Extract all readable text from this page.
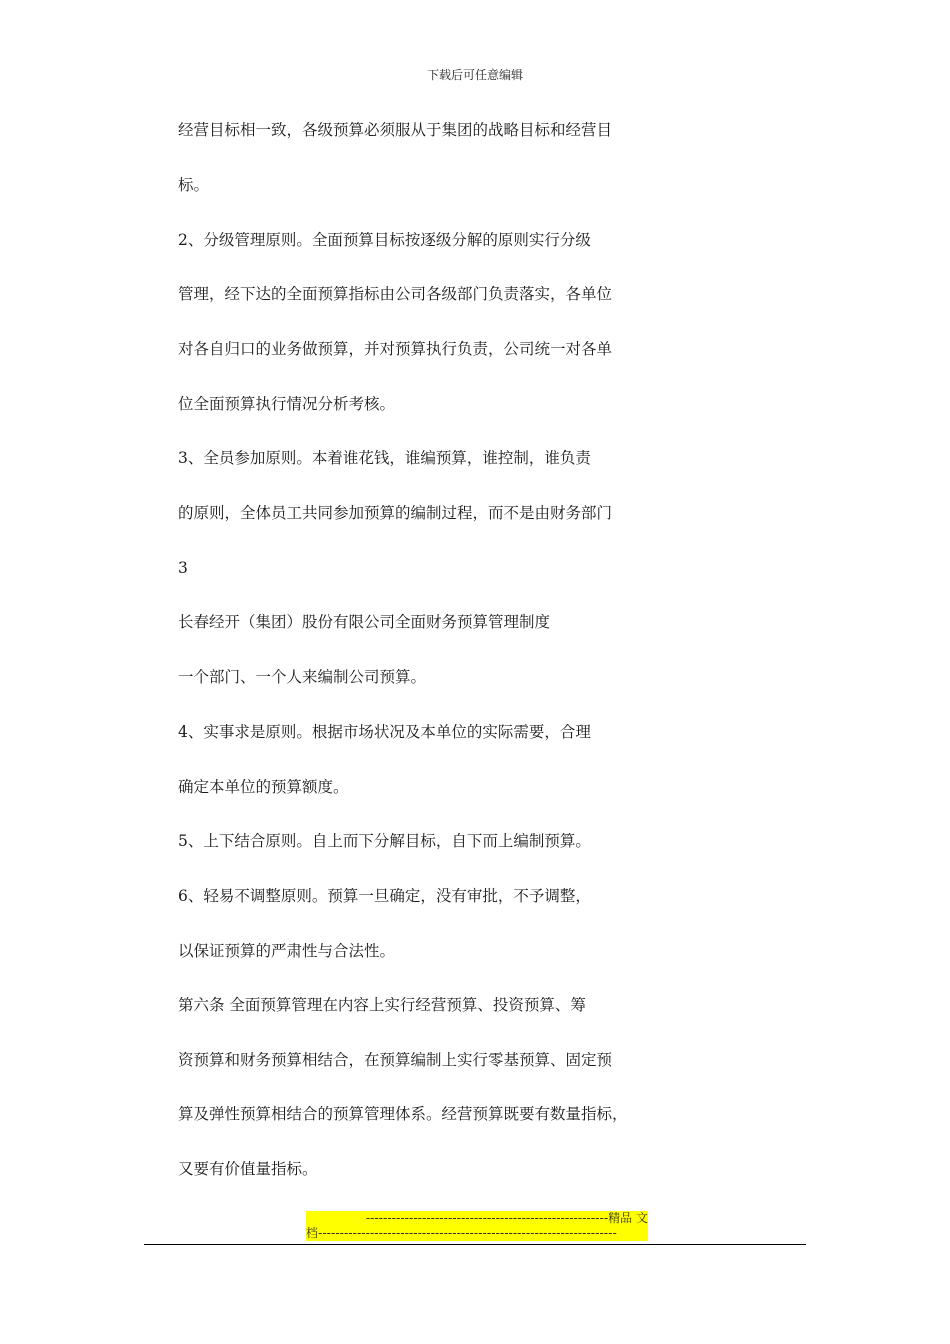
下载后可任意编辑
经营目标相一致，各级预算必须服从于集团的战略目标和经营目
标。
2、分级管理原则。全面预算目标按逐级分解的原则实行分级
管理，经下达的全面预算指标由公司各级部门负责落实，各单位
对各自归口的业务做预算，并对预算执行负责，公司统一对各单
位全面预算执行情况分析考核。
3、全员参加原则。本着谁花钱，谁编预算，谁控制，谁负责
的原则，全体员工共同参加预算的编制过程，而不是由财务部门
3
长春经开（集团）股份有限公司全面财务预算管理制度
一个部门、一个人来编制公司预算。
4、实事求是原则。根据市场状况及本单位的实际需要，合理
确定本单位的预算额度。
5、上下结合原则。自上而下分解目标，自下而上编制预算。
6、轻易不调整原则。预算一旦确定，没有审批，不予调整，
以保证预算的严肃性与合法性。
第六条 全面预算管理在内容上实行经营预算、投资预算、筹
资预算和财务预算相结合，在预算编制上实行零基预算、固定预
算及弹性预算相结合的预算管理体系。经营预算既要有数量指标，
又要有价值量指标。
--------------------------------------------------------精品 文
档---------------------------------------------------------------------
